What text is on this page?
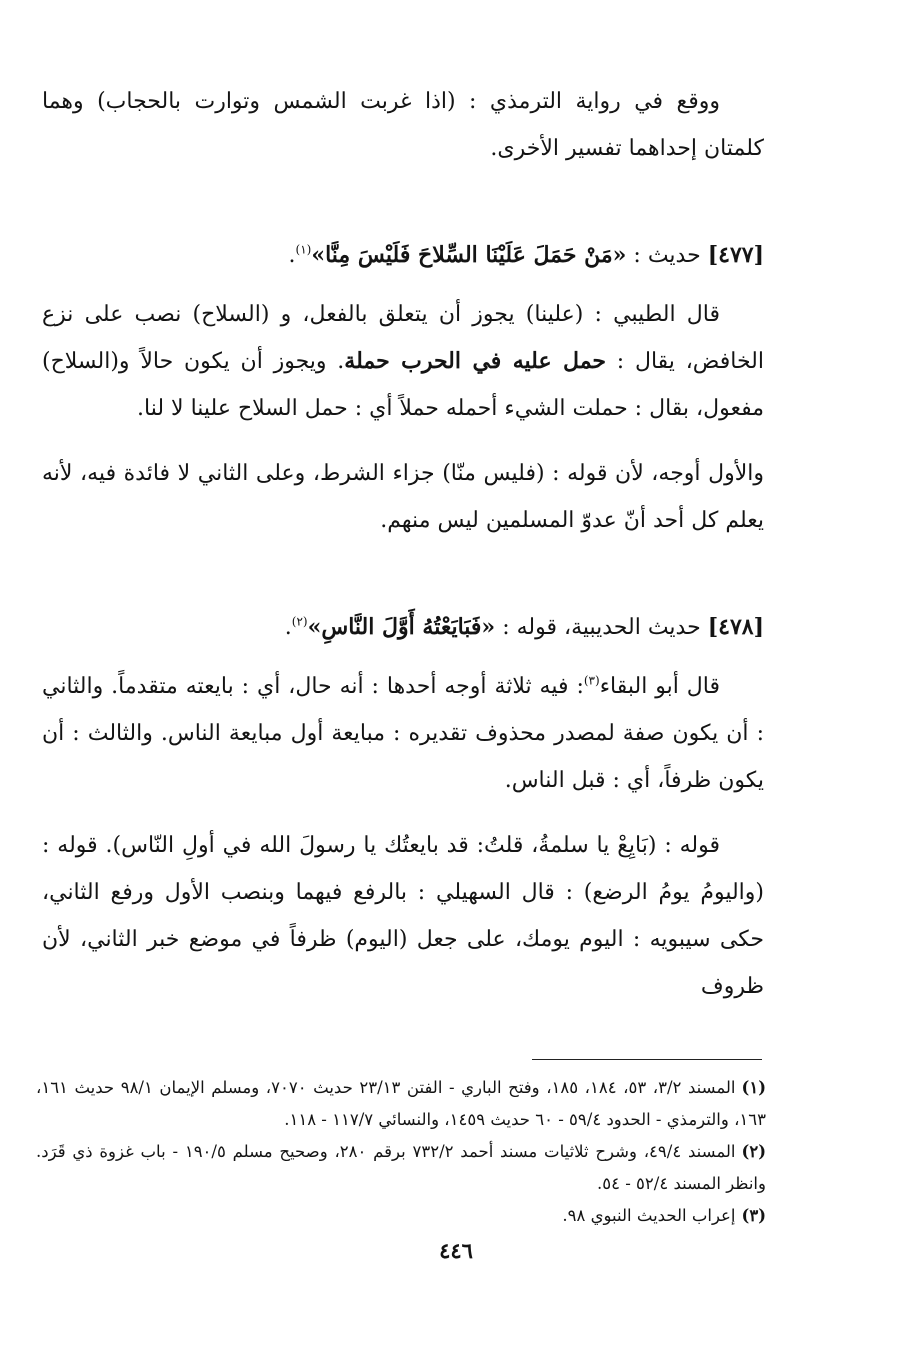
ووقع في رواية الترمذي : (اذا غربت الشمس وتوارت بالحجاب) وهما كلمتان إحداهما تفسير الأخرى.

[٤٧٧] حديث : «مَنْ حَمَلَ عَلَيْنَا السِّلاحَ فَلَيْسَ مِنَّا»$^{(١)}$.

قال الطيبي : (علينا) يجوز أن يتعلق بالفعل، و (السلاح) نصب على نزع الخافض، يقال : حمل عليه في الحرب حملة. ويجوز أن يكون حالاً و(السلاح) مفعول، بقال : حملت الشيء أحمله حملاً أي : حمل السلاح علينا لا لنا.

والأول أوجه، لأن قوله : (فليس منّا) جزاء الشرط، وعلى الثاني لا فائدة فيه، لأنه يعلم كل أحد أنّ عدوّ المسلمين ليس منهم.

[٤٧٨] حديث الحديبية، قوله : «فَبَايَعْتُهُ أَوَّلَ النَّاسِ»$^{(٢)}$.

قال أبو البقاء$^{(٣)}$: فيه ثلاثة أوجه أحدها : أنه حال، أي : بايعته متقدماً. والثاني : أن يكون صفة لمصدر محذوف تقديره : مبايعة أول مبايعة الناس. والثالث : أن يكون ظرفاً، أي : قبل الناس.

قوله : (بَايِعْ يا سلمةُ، قلتُ: قد بايعتُك يا رسولَ الله في أولِ النّاس). قوله : (واليومُ يومُ الرضع) : قال السهيلي : بالرفع فيهما وبنصب الأول ورفع الثاني، حكى سيبويه : اليوم يومك، على جعل (اليوم) ظرفاً في موضع خبر الثاني، لأن ظروف

(١)المسند ٣/٢، ٥٣، ١٨٤، ١٨٥، وفتح الباري - الفتن ٢٣/١٣ حديث ٧٠٧٠، ومسلم الإيمان ٩٨/١ حديث ١٦١، ١٦٣، والترمذي - الحدود ٥٩/٤ - ٦٠ حديث ١٤٥٩، والنسائي ١١٧/٧ - ١١٨.

(٢)المسند ٤٩/٤، وشرح ثلاثيات مسند أحمد ٧٣٢/٢ برقم ٢٨٠، وصحيح مسلم ١٩٠/٥ - باب غزوة ذي قَرَد. وانظر المسند ٥٢/٤ - ٥٤.

(٣)إعراب الحديث النبوي ٩٨.

٤٤٦
